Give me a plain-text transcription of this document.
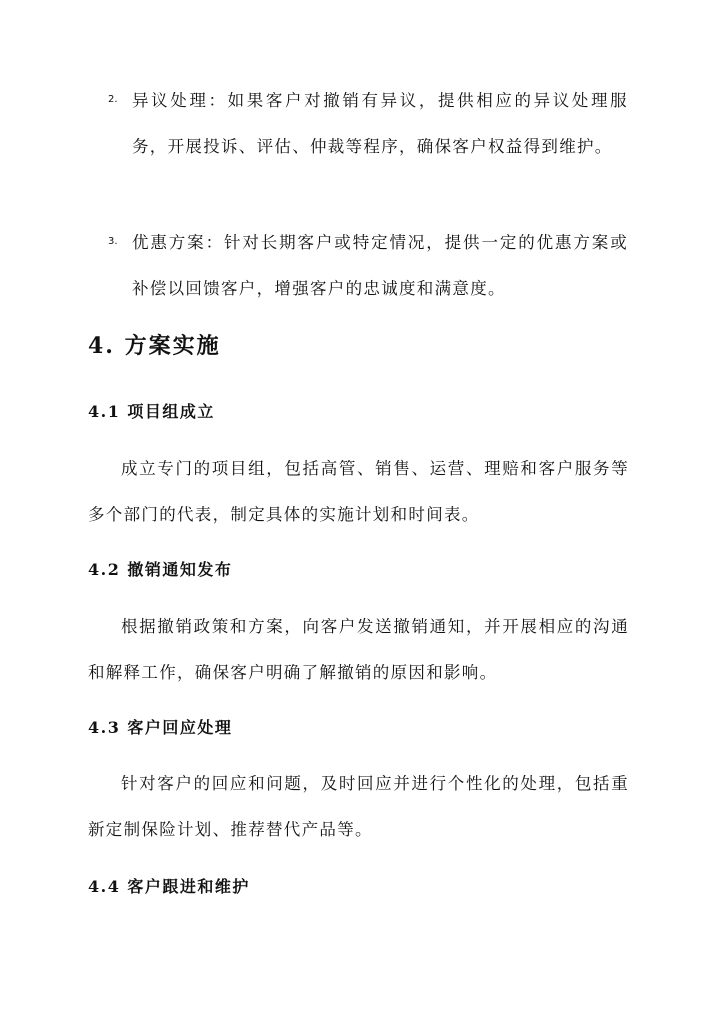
2. 异议处理：如果客户对撤销有异议，提供相应的异议处理服务，开展投诉、评估、仲裁等程序，确保客户权益得到维护。
3. 优惠方案：针对长期客户或特定情况，提供一定的优惠方案或补偿以回馈客户，增强客户的忠诚度和满意度。
4. 方案实施
4.1 项目组成立
成立专门的项目组，包括高管、销售、运营、理赔和客户服务等多个部门的代表，制定具体的实施计划和时间表。
4.2 撤销通知发布
根据撤销政策和方案，向客户发送撤销通知，并开展相应的沟通和解释工作，确保客户明确了解撤销的原因和影响。
4.3 客户回应处理
针对客户的回应和问题，及时回应并进行个性化的处理，包括重新定制保险计划、推荐替代产品等。
4.4 客户跟进和维护
